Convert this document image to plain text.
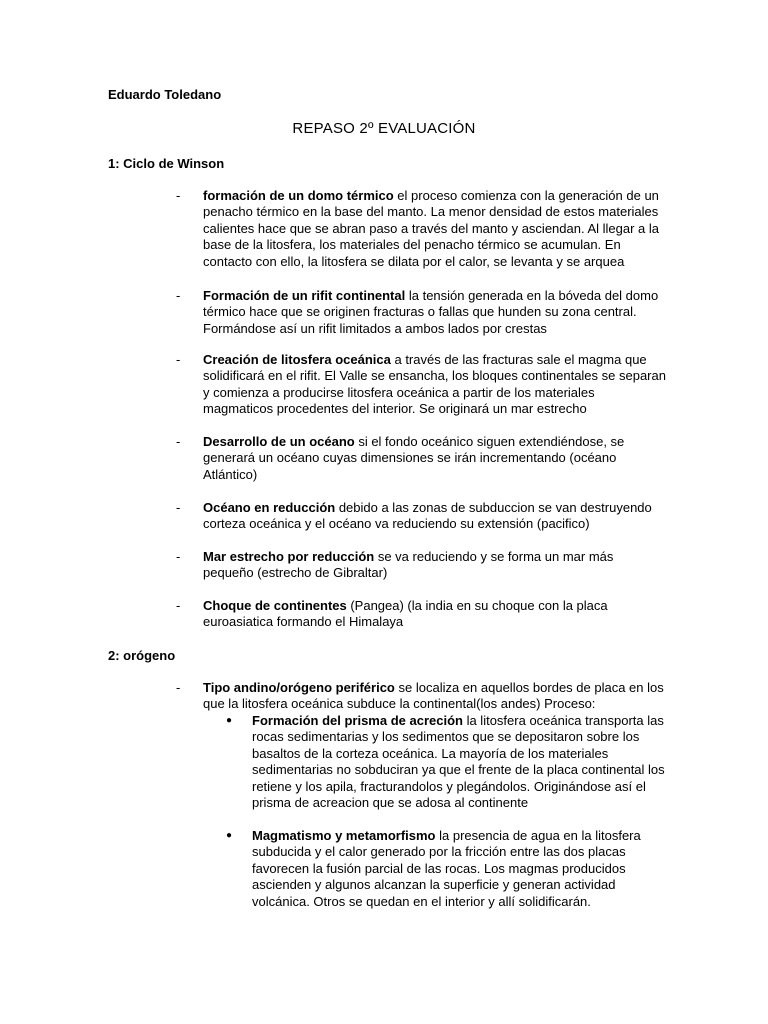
Eduardo Toledano
REPASO 2º EVALUACIÓN
1: Ciclo de Winson
-	formación de un domo térmico el proceso comienza con la generación de un penacho térmico en la base del manto. La menor densidad de estos materiales calientes hace que se abran paso a través del manto y asciendan. Al llegar a la base de la litosfera, los materiales del penacho térmico se acumulan. En contacto con ello, la litosfera se dilata por el calor, se levanta y se arquea
-	Formación de un rifit continental la tensión generada en la bóveda del domo térmico hace que se originen fracturas o fallas que hunden su zona central. Formándose así un rifit limitados a ambos lados por crestas
-	Creación de litosfera oceánica a través de las fracturas sale el magma que solidificará en el rifit. El Valle se ensancha, los bloques continentales se separan y comienza a producirse litosfera oceánica a partir de los materiales magmaticos procedentes del interior. Se originará un mar estrecho
-	Desarrollo de un océano si el fondo oceánico siguen extendiéndose, se generará un océano cuyas dimensiones se irán incrementando (océano Atlántico)
-	Océano en reducción debido a las zonas de subduccion se van destruyendo corteza oceánica y el océano va reduciendo su extensión (pacifico)
-	Mar estrecho por reducción se va reduciendo y se forma un mar más pequeño (estrecho de Gibraltar)
-	Choque de continentes (Pangea) (la india en su choque con la placa euroasiatica formando el Himalaya
2: orógeno
-	Tipo andino/orógeno periférico se localiza en aquellos bordes de placa en los que la litosfera oceánica subduce la continental(los andes) Proceso:
● Formación del prisma de acreción la litosfera oceánica transporta las rocas sedimentarias y los sedimentos que se depositaron sobre los basaltos de la corteza oceánica. La mayoría de los materiales sedimentarias no sobduciran ya que el frente de la placa continental los retiene y los apila, fracturandolos y plegándolos. Originándose así el prisma de acreacion que se adosa al continente
● Magmatismo y metamorfismo la presencia de agua en la litosfera subducida y el calor generado por la fricción entre las dos placas favorecen la fusión parcial de las rocas. Los magmas producidos ascienden y algunos alcanzan la superficie y generan actividad volcánica. Otros se quedan en el interior y allí solidificarán.
